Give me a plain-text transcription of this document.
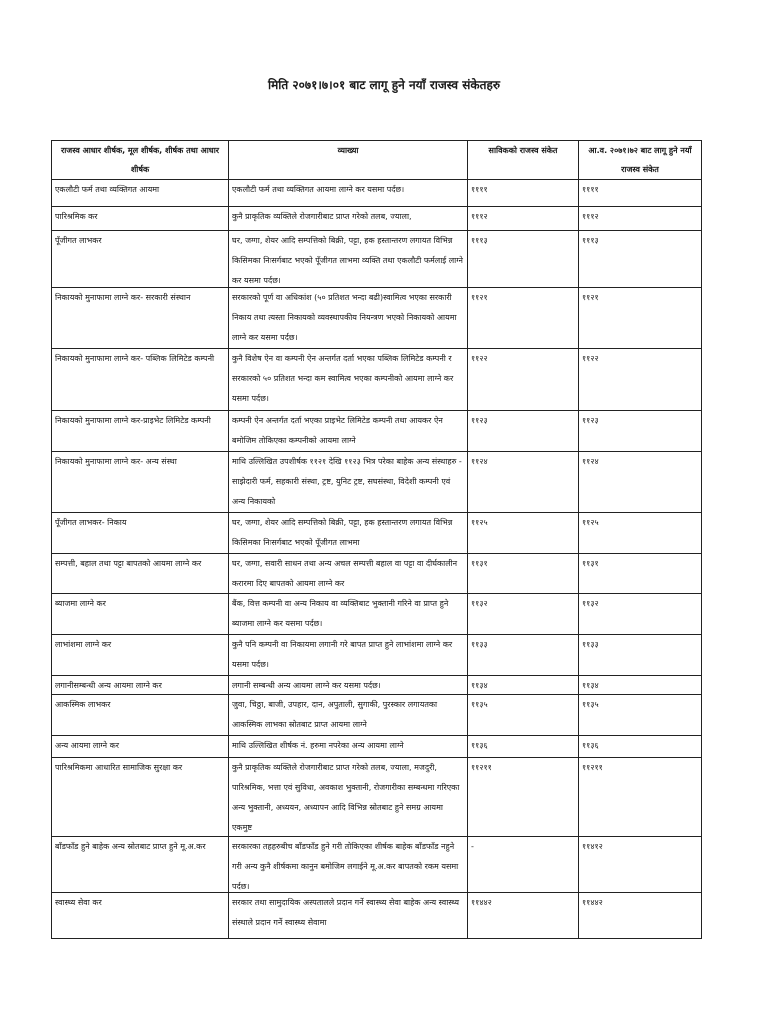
मिति २०७१।७।०१ बाट लागू हुने नयाँ राजस्व संकेतहरु
राजस्व आधार शीर्षक, मूल शीर्षक, शीर्षक तथा आधार शीर्षक	व्याख्या	साविकको राजस्व संकेत	आ.व. २०७१।७२ बाट लागू हुने नयाँ राजस्व संकेत

एकलौटी फर्म तथा व्यक्तिगत आयमा	एकलौटी फर्म तथा व्यक्तिगत आयमा लाग्ने कर यसमा पर्दछ।	११११	११११

पारिश्रमिक कर	कुनै प्राकृतिक व्यक्तिले रोजगारीबाट प्राप्त गरेको तलब, ज्याला,	१११२	१११२

पूँजीगत लाभकर	घर, जग्गा, शेयर आदि सम्पत्तिको बिक्री, पट्टा, हक हस्तान्तरण लगायत विभिन्न किसिमका निःसर्गबाट भएको पूँजीगत लाभमा व्यक्ति तथा एकलौटी फर्मलाई लाग्ने कर यसमा पर्दछ।	१११३	१११३

निकायको मुनाफामा लाग्ने कर- सरकारी संस्थान	सरकारको पूर्ण वा अधिकांश (५० प्रतिशत भन्दा बढी)स्वामित्व भएका सरकारी निकाय तथा त्यस्ता निकायको व्यवस्थापकीय नियन्त्रण भएको निकायको आयमा लाग्ने कर यसमा पर्दछ।	११२१	११२१

निकायको मुनाफामा लाग्ने कर- पब्लिक लिमिटेड कम्पनी	कुनै विशेष ऐन वा कम्पनी ऐन अन्तर्गत दर्ता भएका पब्लिक लिमिटेड कम्पनी र सरकारको ५० प्रतिशत भन्दा कम स्वामित्व भएका कम्पनीको आयमा लाग्ने कर यसमा पर्दछ।	११२२	११२२

निकायको मुनाफामा लाग्ने कर-प्राइभेट लिमिटेड कम्पनी	कम्पनी ऐन अन्तर्गत दर्ता भएका प्राइभेट लिमिटेड कम्पनी तथा आयकर ऐन बमोजिम तोकिएका कम्पनीको आयमा लाग्ने	११२३	११२३

निकायको मुनाफामा लाग्ने कर- अन्य संस्था	माथि उल्लिखित उपशीर्षक ११२१ देखि ११२३ भित्र परेका बाहेक अन्य संस्थाहरु - साझेदारी फर्म, सहकारी संस्था, ट्रष्ट, युनिट ट्रष्ट, सघसंस्था, विदेशी कम्पनी एवं अन्य निकायको	११२४	११२४

पूँजीगत लाभकर- निकाय	घर, जग्गा, शेयर आदि सम्पत्तिको बिक्री, पट्टा, हक हस्तान्तरण लगायत विभिन्न किसिमका निःसर्गबाट भएको पूँजीगत लाभमा	११२५	११२५

सम्पत्ती, बहाल तथा पट्टा बापतको आयमा लाग्ने कर	घर, जग्गा, सवारी साधन तथा अन्य अचल सम्पत्ती बहाल वा पट्टा वा दीर्घकालीन करारमा दिए बापतको आयमा लाग्ने कर	११३१	११३१

ब्याजमा लाग्ने कर	बैंक, वित्त कम्पनी वा अन्य निकाय वा व्यक्तिबाट भुक्तानी गरिने वा प्राप्त हुने ब्याजमा लाग्ने कर यसमा पर्दछ।	११३२	११३२

लाभांशमा लाग्ने कर	कुनै पनि कम्पनी वा निकायमा लगानी गरे बापत प्राप्त हुने लाभांशमा लाग्ने कर यसमा पर्दछ।	११३३	११३३

लगानीसम्बन्धी अन्य आयमा लाग्ने कर	लगानी सम्बन्धी अन्य आयमा लाग्ने कर यसमा पर्दछ।	११३४	११३४

आकस्मिक लाभकर	जुवा, चिठ्ठा, बाजी, उपहार, दान, अपुताली, सुगाकी, पुरस्कार लगायतका आकस्मिक लाभका स्रोतबाट प्राप्त आयमा लाग्ने	११३५	११३५

अन्य आयमा लाग्ने कर	माथि उल्लिखित शीर्षक नं. हरुमा नपरेका अन्य आयमा लाग्ने	११३६	११३६

पारिश्रमिकमा आधारित सामाजिक सुरक्षा कर	कुनै प्राकृतिक व्यक्तिले रोजगारीबाट प्राप्त गरेको तलब, ज्याला, मजदुरी, पारिश्रमिक, भत्ता एवं सुविधा, अवकाश भुक्तानी, रोजगारीका सम्बन्धमा गरिएका अन्य भुक्तानी, अध्ययन, अध्यापन आदि विभिन्न स्रोतबाट हुने समग्र आयमा एकमुष्ट	११२११	११२११

बाँडफाँड हुने बाहेक अन्य स्रोतबाट प्राप्त हुने मू.अ.कर	सरकारका तहहरुबीच बाँडफाँड हुने गरी तोकिएका शीर्षक बाहेक बाँडफाँड नहुने गरी अन्य कुनै शीर्षकमा कानुन बमोजिम लगाईने मू.अ.कर बापतको रकम यसमा पर्दछ।	-	११४१२

स्वास्थ्य सेवा कर	सरकार तथा सामुदायिक अस्पतालले प्रदान गर्ने स्वास्थ्य सेवा बाहेक अन्य स्वास्थ्य संस्थाले प्रदान गर्ने स्वास्थ्य सेवामा	११४४२	११४४२
